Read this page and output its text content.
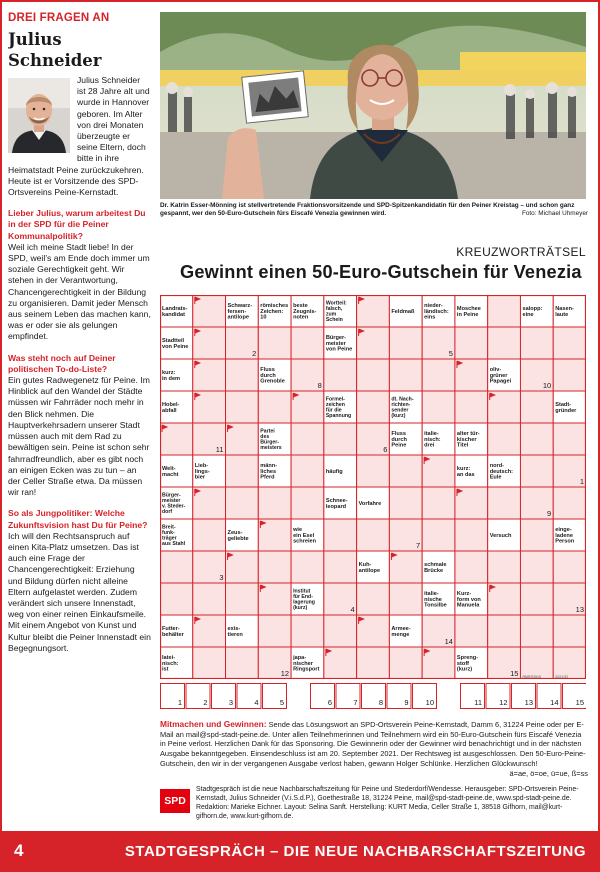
DREI FRAGEN AN
Julius
Schneider

Julius Schneider ist 28 Jahre alt und wurde in Hannover geboren. Im Alter von drei Monaten überzeugte er seine Eltern, doch bitte in ihre Heimatstadt Peine zurückzukehren. Heute ist er Vorsitzende des SPD-Ortsvereins Peine-Kernstadt.

Lieber Julius, warum arbeitest Du in der SPD für die Peiner Kommunalpolitik?

Weil ich meine Stadt liebe! In der SPD, weil’s am Ende doch immer um soziale Gerechtigkeit geht. Wir stehen in der Verantwortung, Chancengerechtigkeit in der Bildung zu organisieren. Damit jeder Mensch aus seinem Leben das machen kann, was er oder sie als gelungen empfindet.

Was steht noch auf Deiner politischen To-do-Liste?

Ein gutes Radwegenetz für Peine. Im Hinblick auf den Wandel der Städte müssen wir Fahrräder noch mehr in den Blick nehmen. Die Hauptverkehrsadern unserer Stadt müssen auch mit dem Rad zu bewältigen sein. Peine ist schon sehr fahrradfreundlich, aber es gibt noch an einigen Ecken was zu tun – an der Celler Straße etwa. Da müssen wir ran!

So als Jungpolitiker: Welche Zukunftsvision hast Du für Peine?

Ich will den Rechtsanspruch auf einen Kita-Platz umsetzen. Das ist auch eine Frage der Chancengerechtigkeit: Erziehung und Bildung dürfen nicht alleine Eltern aufgelastet werden. Zudem verändert sich unsere Innenstadt, weg von einer reinen Einkaufsmeile. Mit einem Angebot von Kunst und Kultur bleibt die Peiner Innenstadt ein Begegnungsort.

Dr. Katrin Esser-Mönning ist stellvertretende Fraktionsvorsitzende und SPD-Spitzenkandidatin für den Peiner Kreistag – und schon ganz gespannt, wer den 50-Euro-Gutschein fürs Eiscafé Venezia gewinnen wird.	Foto: Michael Uhmeyer
KREUZWORTRÄTSEL
Gewinnt einen 50-Euro-Gutschein für Venezia
Landrats-kandidat
Schwarz-fersen-antilope
römisches Zeichen: 10
beste Zeugnis-noten
Wortteil: falsch, zum Schein
Feldmaß
nieder-ländisch: eins
Moschee in Peine
salopp: eine
Nasen-laute
Stadtteil von Peine
2
Bürger-meister von Peine	5
kurz: in dem
Fluss durch Grenoble	8
oliv-grüner Papagei	10
Hobel-abfall
Formel-zeichen für die Spannung
dt. Nach-richten-sender (kurz)
Stadt-gründer
11
Partei des Bürger-meisters	6
Fluss durch Peine
italie-nisch: drei
alter tür-kischer Titel
Welt-macht
Lieb-lings-bier
männ-liches Pferd
häufig	kurz: an das
nord-deutsch: Eule	1
Bürger-meister v. Steder-dorf
Schnee-leopard Vorfahre
9
Breit-funk-träger aus Stahl
Zeus-geliebte
wie ein Esel schreien	7
Versuch
einge-ladene Person
3
Kuh-antilope
schmale Brücke
Institut für End-lagerung (kurz)	4
italie-nische Tonsilbe
Kurz-form von Manuela	13
Futter-behälter
exis-tieren
Armee-menge
14
latei-nisch: ist	12
japa-nischer Ringsport
Spreng-stoff (kurz)	15 RMRS3915	2021/32
1	2	3	4	5	6	7	8	9 10	11 12 13 14 15
Mitmachen und Gewinnen: Sende das Lösungswort an SPD-Ortsverein Peine-Kernstadt, Damm 6, 31224 Peine oder per E-Mail an mail@spd-stadt-peine.de. Unter allen Teilnehmerinnen und Teilnehmern wird ein 50-Euro-Gutschein fürs Eiscafé Venezia in Peine verlost. Herzlichen Dank für das Sponsoring. Die Gewinnerin oder der Gewinner wird benachrichtigt und in der nächsten Ausgabe bekanntgegeben. Einsendeschluss ist am 20. September 2021. Der Rechtsweg ist ausgeschlossen. Den 50-Euro-Peine-Gutschein, den wir in der vergangenen Ausgabe verlost haben, gewann Holger Schlünke. Herzlichen Glückwunsch!
ä=ae, ö=oe, ü=ue, ß=ss
SPD

Stadtgespräch ist die neue Nachbarschaftszeitung für Peine und Stederdorf/Wendesse. Herausgeber: SPD-Ortsverein Peine-Kernstadt, Julius Schneider (V.i.S.d.P.), Goethestraße 18, 31224 Peine, mail@spd-stadt-peine.de, www.spd-stadt-peine.de. Redaktion: Marieke Eichner. Layout: Selina Sanft. Herstellung: KURT Media, Celler Straße 1, 38518 Gifhorn, mail@kurt-gifhorn.de, www.kurt-gifhorn.de.

4	STADTGESPRÄCH – DIE NEUE NACHBARSCHAFTSZEITUNG
